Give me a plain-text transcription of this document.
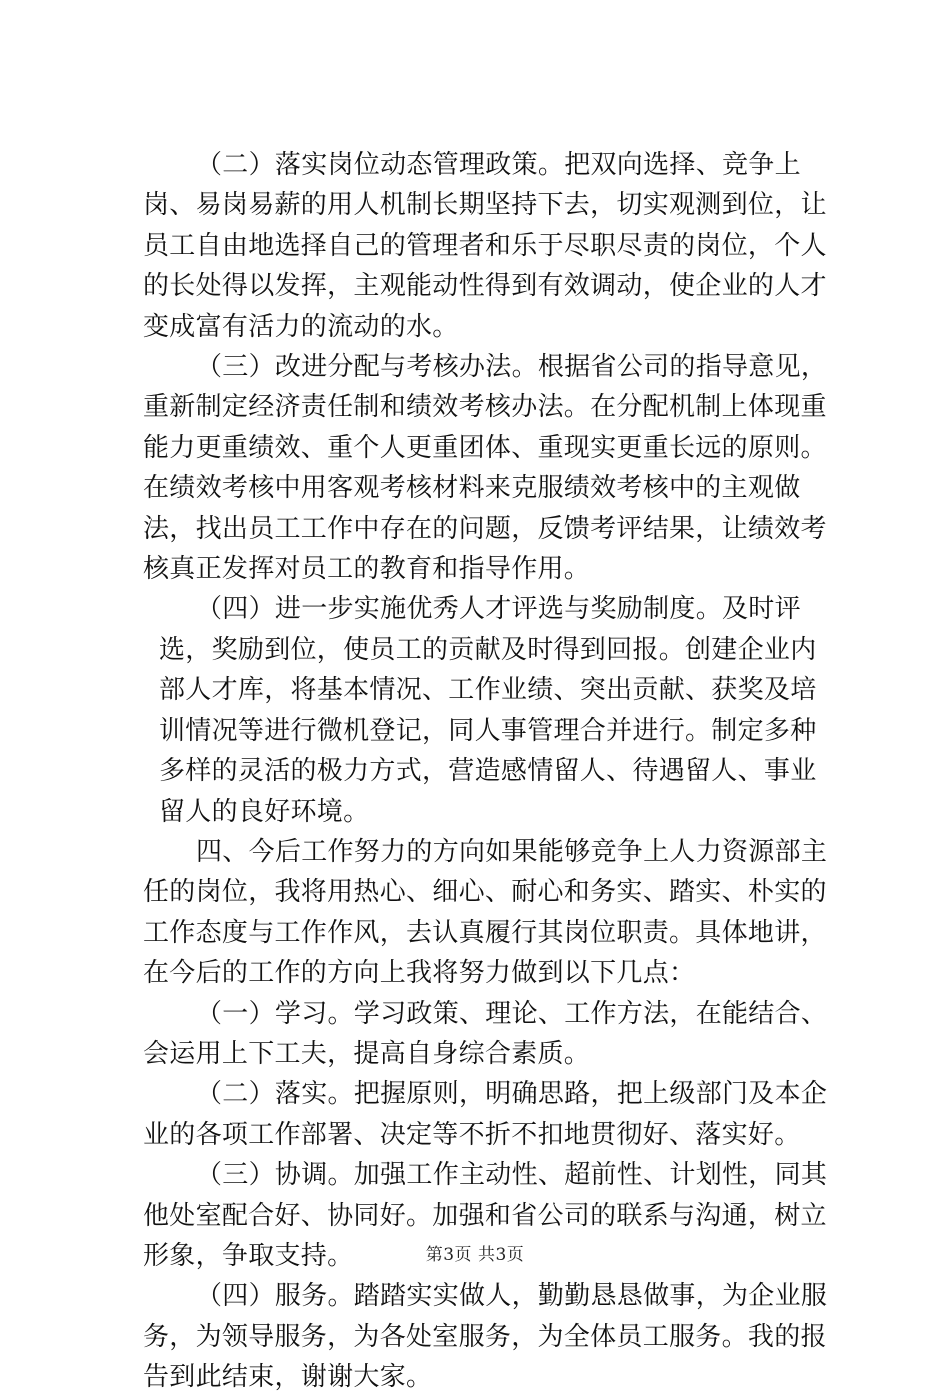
（二）落实岗位动态管理政策。把双向选择、竞争上岗、易岗易薪的用人机制长期坚持下去，切实观测到位，让员工自由地选择自己的管理者和乐于尽职尽责的岗位，个人的长处得以发挥，主观能动性得到有效调动，使企业的人才变成富有活力的流动的水。

（三）改进分配与考核办法。根据省公司的指导意见，重新制定经济责任制和绩效考核办法。在分配机制上体现重能力更重绩效、重个人更重团体、重现实更重长远的原则。在绩效考核中用客观考核材料来克服绩效考核中的主观做法，找出员工工作中存在的问题，反馈考评结果，让绩效考核真正发挥对员工的教育和指导作用。

（四）进一步实施优秀人才评选与奖励制度。及时评

选，奖励到位，使员工的贡献及时得到回报。创建企业内部人才库，将基本情况、工作业绩、突出贡献、获奖及培训情况等进行微机登记，同人事管理合并进行。制定多种多样的灵活的极力方式，营造感情留人、待遇留人、事业留人的良好环境。

四、今后工作努力的方向如果能够竞争上人力资源部主任的岗位，我将用热心、细心、耐心和务实、踏实、朴实的工作态度与工作作风，去认真履行其岗位职责。具体地讲，在今后的工作的方向上我将努力做到以下几点：

（一）学习。学习政策、理论、工作方法，在能结合、会运用上下工夫，提高自身综合素质。

（二）落实。把握原则，明确思路，把上级部门及本企业的各项工作部署、决定等不折不扣地贯彻好、落实好。

（三）协调。加强工作主动性、超前性、计划性，同其他处室配合好、协同好。加强和省公司的联系与沟通，树立形象，争取支持。

（四）服务。踏踏实实做人，勤勤恳恳做事，为企业服务，为领导服务，为各处室服务，为全体员工服务。我的报告到此结束，谢谢大家。

第3页 共3页
